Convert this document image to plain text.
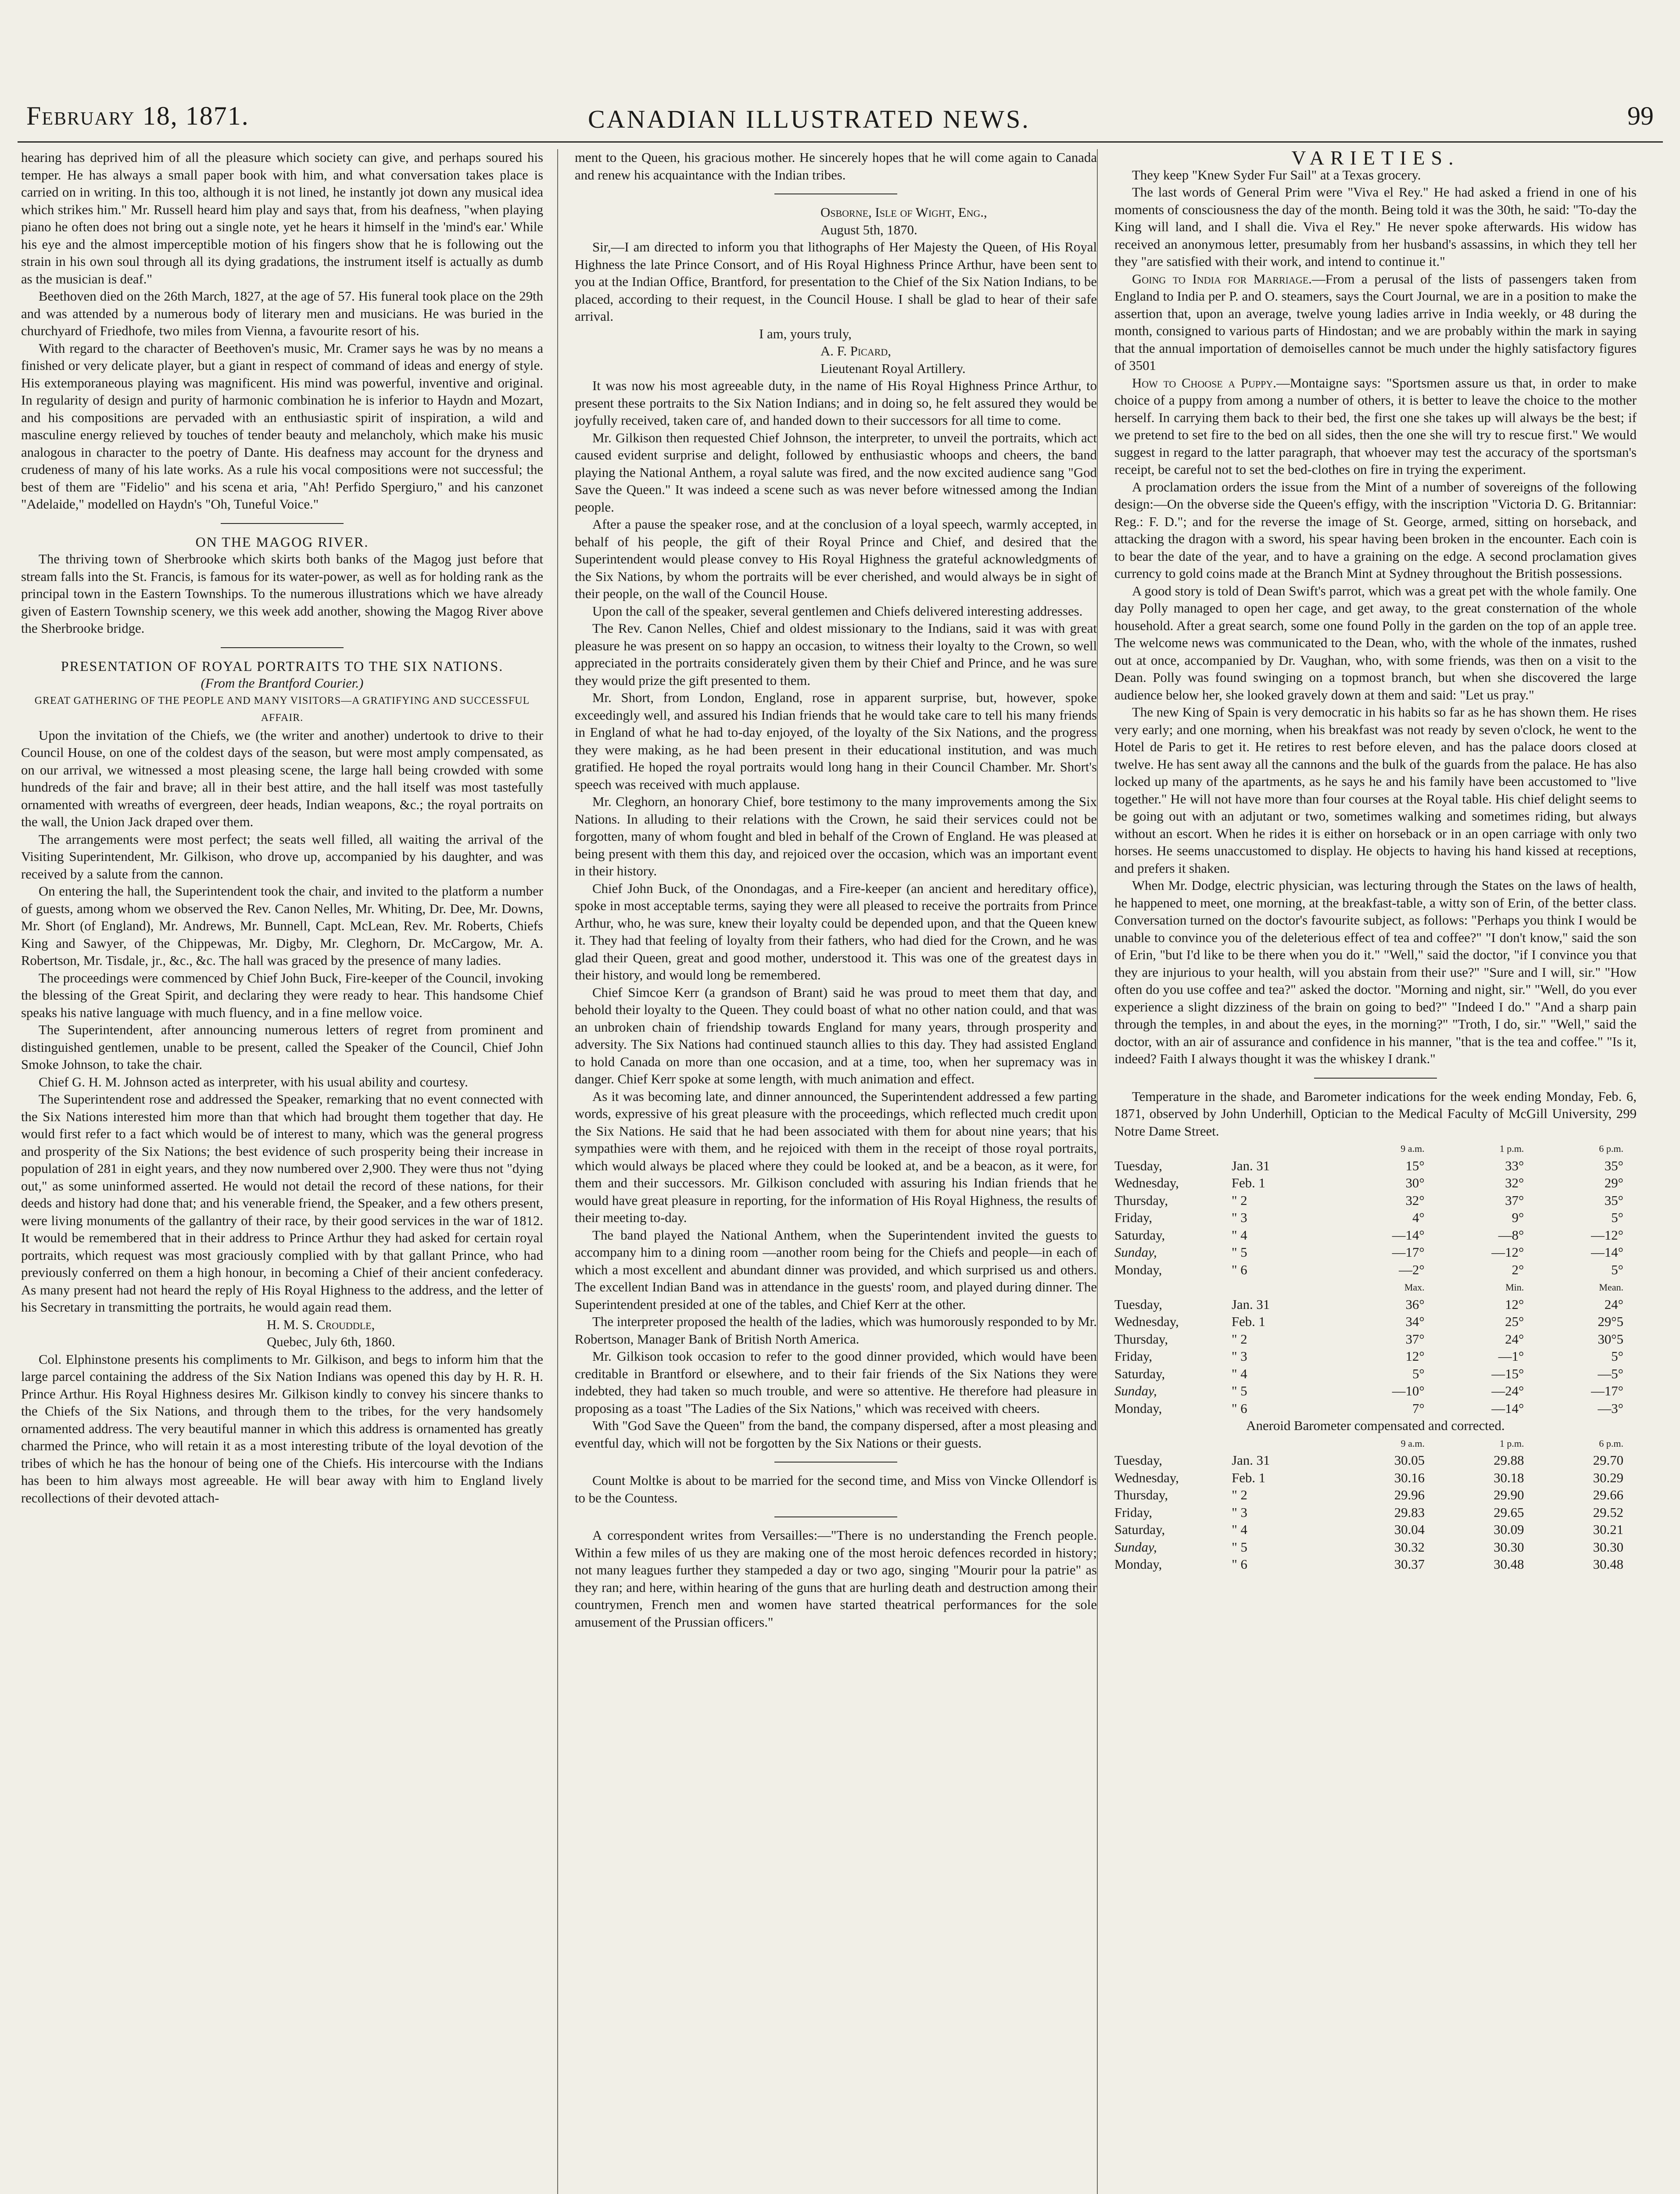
February 18, 1871.	CANADIAN ILLUSTRATED NEWS.	99

hearing has deprived him of all the pleasure which society can give, and perhaps soured his temper. He has always a small paper book with him, and what conversation takes place is carried on in writing. In this too, although it is not lined, he instantly jot down any musical idea which strikes him." Mr. Russell heard him play and says that, from his deafness, "when playing piano he often does not bring out a single note, yet he hears it himself in the 'mind's ear.' While his eye and the almost imperceptible motion of his fingers show that he is following out the strain in his own soul through all its dying gradations, the instrument itself is actually as dumb as the musician is deaf."

Beethoven died on the 26th March, 1827, at the age of 57. His funeral took place on the 29th and was attended by a numerous body of literary men and musicians. He was buried in the churchyard of Friedhofe, two miles from Vienna, a favourite resort of his.

With regard to the character of Beethoven's music, Mr. Cramer says he was by no means a finished or very delicate player, but a giant in respect of command of ideas and energy of style. His extemporaneous playing was magnificent. His mind was powerful, inventive and original. In regularity of design and purity of harmonic combination he is inferior to Haydn and Mozart, and his compositions are pervaded with an enthusiastic spirit of inspiration, a wild and masculine energy relieved by touches of tender beauty and melancholy, which make his music analogous in character to the poetry of Dante. His deafness may account for the dryness and crudeness of many of his late works. As a rule his vocal compositions were not successful; the best of them are "Fidelio" and his scena et aria, "Ah! Perfido Spergiuro," and his canzonet "Adelaide," modelled on Haydn's "Oh, Tuneful Voice."

ON THE MAGOG RIVER.

The thriving town of Sherbrooke which skirts both banks of the Magog just before that stream falls into the St. Francis, is famous for its water-power, as well as for holding rank as the principal town in the Eastern Townships. To the numerous illustrations which we have already given of Eastern Township scenery, we this week add another, showing the Magog River above the Sherbrooke bridge.

PRESENTATION OF ROYAL PORTRAITS TO THE SIX NATIONS.

(From the Brantford Courier.)

GREAT GATHERING OF THE PEOPLE AND MANY VISITORS—A GRATIFYING AND SUCCESSFUL AFFAIR.

Upon the invitation of the Chiefs, we (the writer and another) undertook to drive to their Council House, on one of the coldest days of the season, but were most amply compensated, as on our arrival, we witnessed a most pleasing scene, the large hall being crowded with some hundreds of the fair and brave; all in their best attire, and the hall itself was most tastefully ornamented with wreaths of evergreen, deer heads, Indian weapons, &c.; the royal portraits on the wall, the Union Jack draped over them.

The arrangements were most perfect; the seats well filled, all waiting the arrival of the Visiting Superintendent, Mr. Gilkison, who drove up, accompanied by his daughter, and was received by a salute from the cannon.

On entering the hall, the Superintendent took the chair, and invited to the platform a number of guests, among whom we observed the Rev. Canon Nelles, Mr. Whiting, Dr. Dee, Mr. Downs, Mr. Short (of England), Mr. Andrews, Mr. Bunnell, Capt. McLean, Rev. Mr. Roberts, Chiefs King and Sawyer, of the Chippewas, Mr. Digby, Mr. Cleghorn, Dr. McCargow, Mr. A. Robertson, Mr. Tisdale, jr., &c., &c. The hall was graced by the presence of many ladies.

The proceedings were commenced by Chief John Buck, Fire-keeper of the Council, invoking the blessing of the Great Spirit, and declaring they were ready to hear. This handsome Chief speaks his native language with much fluency, and in a fine mellow voice.

The Superintendent, after announcing numerous letters of regret from prominent and distinguished gentlemen, unable to be present, called the Speaker of the Council, Chief John Smoke Johnson, to take the chair.

Chief G. H. M. Johnson acted as interpreter, with his usual ability and courtesy.

The Superintendent rose and addressed the Speaker, remarking that no event connected with the Six Nations interested him more than that which had brought them together that day. He would first refer to a fact which would be of interest to many, which was the general progress and prosperity of the Six Nations; the best evidence of such prosperity being their increase in population of 281 in eight years, and they now numbered over 2,900. They were thus not "dying out," as some uninformed asserted. He would not detail the record of these nations, for their deeds and history had done that; and his venerable friend, the Speaker, and a few others present, were living monuments of the gallantry of their race, by their good services in the war of 1812. It would be remembered that in their address to Prince Arthur they had asked for certain royal portraits, which request was most graciously complied with by that gallant Prince, who had previously conferred on them a high honour, in becoming a Chief of their ancient confederacy. As many present had not heard the reply of His Royal Highness to the address, and the letter of his Secretary in transmitting the portraits, he would again read them.

H. M. S. Crouddle,

Quebec, July 6th, 1860.

Col. Elphinstone presents his compliments to Mr. Gilkison, and begs to inform him that the large parcel containing the address of the Six Nation Indians was opened this day by H. R. H. Prince Arthur. His Royal Highness desires Mr. Gilkison kindly to convey his sincere thanks to the Chiefs of the Six Nations, and through them to the tribes, for the very handsomely ornamented address. The very beautiful manner in which this address is ornamented has greatly charmed the Prince, who will retain it as a most interesting tribute of the loyal devotion of the tribes of which he has the honour of being one of the Chiefs. His intercourse with the Indians has been to him always most agreeable. He will bear away with him to England lively recollections of their devoted attach-

ment to the Queen, his gracious mother. He sincerely hopes that he will come again to Canada and renew his acquaintance with the Indian tribes.

Osborne, Isle of Wight, Eng.,

August 5th, 1870.

Sir,—I am directed to inform you that lithographs of Her Majesty the Queen, of His Royal Highness the late Prince Consort, and of His Royal Highness Prince Arthur, have been sent to you at the Indian Office, Brantford, for presentation to the Chief of the Six Nation Indians, to be placed, according to their request, in the Council House. I shall be glad to hear of their safe arrival.

I am, yours truly,

A. F. Picard,

Lieutenant Royal Artillery.

It was now his most agreeable duty, in the name of His Royal Highness Prince Arthur, to present these portraits to the Six Nation Indians; and in doing so, he felt assured they would be joyfully received, taken care of, and handed down to their successors for all time to come.

Mr. Gilkison then requested Chief Johnson, the interpreter, to unveil the portraits, which act caused evident surprise and delight, followed by enthusiastic whoops and cheers, the band playing the National Anthem, a royal salute was fired, and the now excited audience sang "God Save the Queen." It was indeed a scene such as was never before witnessed among the Indian people.

After a pause the speaker rose, and at the conclusion of a loyal speech, warmly accepted, in behalf of his people, the gift of their Royal Prince and Chief, and desired that the Superintendent would please convey to His Royal Highness the grateful acknowledgments of the Six Nations, by whom the portraits will be ever cherished, and would always be in sight of their people, on the wall of the Council House.

Upon the call of the speaker, several gentlemen and Chiefs delivered interesting addresses.

The Rev. Canon Nelles, Chief and oldest missionary to the Indians, said it was with great pleasure he was present on so happy an occasion, to witness their loyalty to the Crown, so well appreciated in the portraits considerately given them by their Chief and Prince, and he was sure they would prize the gift presented to them.

Mr. Short, from London, England, rose in apparent surprise, but, however, spoke exceedingly well, and assured his Indian friends that he would take care to tell his many friends in England of what he had to-day enjoyed, of the loyalty of the Six Nations, and the progress they were making, as he had been present in their educational institution, and was much gratified. He hoped the royal portraits would long hang in their Council Chamber. Mr. Short's speech was received with much applause.

Mr. Cleghorn, an honorary Chief, bore testimony to the many improvements among the Six Nations. In alluding to their relations with the Crown, he said their services could not be forgotten, many of whom fought and bled in behalf of the Crown of England. He was pleased at being present with them this day, and rejoiced over the occasion, which was an important event in their history.

Chief John Buck, of the Onondagas, and a Fire-keeper (an ancient and hereditary office), spoke in most acceptable terms, saying they were all pleased to receive the portraits from Prince Arthur, who, he was sure, knew their loyalty could be depended upon, and that the Queen knew it. They had that feeling of loyalty from their fathers, who had died for the Crown, and he was glad their Queen, great and good mother, understood it. This was one of the greatest days in their history, and would long be remembered.

Chief Simcoe Kerr (a grandson of Brant) said he was proud to meet them that day, and behold their loyalty to the Queen. They could boast of what no other nation could, and that was an unbroken chain of friendship towards England for many years, through prosperity and adversity. The Six Nations had continued staunch allies to this day. They had assisted England to hold Canada on more than one occasion, and at a time, too, when her supremacy was in danger. Chief Kerr spoke at some length, with much animation and effect.

As it was becoming late, and dinner announced, the Superintendent addressed a few parting words, expressive of his great pleasure with the proceedings, which reflected much credit upon the Six Nations. He said that he had been associated with them for about nine years; that his sympathies were with them, and he rejoiced with them in the receipt of those royal portraits, which would always be placed where they could be looked at, and be a beacon, as it were, for them and their successors. Mr. Gilkison concluded with assuring his Indian friends that he would have great pleasure in reporting, for the information of His Royal Highness, the results of their meeting to-day.

The band played the National Anthem, when the Superintendent invited the guests to accompany him to a dining room —another room being for the Chiefs and people—in each of which a most excellent and abundant dinner was provided, and which surprised us and others. The excellent Indian Band was in attendance in the guests' room, and played during dinner. The Superintendent presided at one of the tables, and Chief Kerr at the other.

The interpreter proposed the health of the ladies, which was humorously responded to by Mr. Robertson, Manager Bank of British North America.

Mr. Gilkison took occasion to refer to the good dinner provided, which would have been creditable in Brantford or elsewhere, and to their fair friends of the Six Nations they were indebted, they had taken so much trouble, and were so attentive. He therefore had pleasure in proposing as a toast "The Ladies of the Six Nations," which was received with cheers.

With "God Save the Queen" from the band, the company dispersed, after a most pleasing and eventful day, which will not be forgotten by the Six Nations or their guests.

Count Moltke is about to be married for the second time, and Miss von Vincke Ollendorf is to be the Countess.

A correspondent writes from Versailles:—"There is no understanding the French people. Within a few miles of us they are making one of the most heroic defences recorded in history; not many leagues further they stampeded a day or two ago, singing "Mourir pour la patrie" as they ran; and here, within hearing of the guns that are hurling death and destruction among their countrymen, French men and women have started theatrical performances for the sole amusement of the Prussian officers."

VARIETIES.

They keep "Knew Syder Fur Sail" at a Texas grocery.

The last words of General Prim were "Viva el Rey." He had asked a friend in one of his moments of consciousness the day of the month. Being told it was the 30th, he said: "To-day the King will land, and I shall die. Viva el Rey." He never spoke afterwards. His widow has received an anonymous letter, presumably from her husband's assassins, in which they tell her they "are satisfied with their work, and intend to continue it."

Going to India for Marriage.—From a perusal of the lists of passengers taken from England to India per P. and O. steamers, says the Court Journal, we are in a position to make the assertion that, upon an average, twelve young ladies arrive in India weekly, or 48 during the month, consigned to various parts of Hindostan; and we are probably within the mark in saying that the annual importation of demoiselles cannot be much under the highly satisfactory figures of 3501

How to Choose a Puppy.—Montaigne says: "Sportsmen assure us that, in order to make choice of a puppy from among a number of others, it is better to leave the choice to the mother herself. In carrying them back to their bed, the first one she takes up will always be the best; if we pretend to set fire to the bed on all sides, then the one she will try to rescue first." We would suggest in regard to the latter paragraph, that whoever may test the accuracy of the sportsman's receipt, be careful not to set the bed-clothes on fire in trying the experiment.

A proclamation orders the issue from the Mint of a number of sovereigns of the following design:—On the obverse side the Queen's effigy, with the inscription "Victoria D. G. Britanniar: Reg.: F. D."; and for the reverse the image of St. George, armed, sitting on horseback, and attacking the dragon with a sword, his spear having been broken in the encounter. Each coin is to bear the date of the year, and to have a graining on the edge. A second proclamation gives currency to gold coins made at the Branch Mint at Sydney throughout the British possessions.

A good story is told of Dean Swift's parrot, which was a great pet with the whole family. One day Polly managed to open her cage, and get away, to the great consternation of the whole household. After a great search, some one found Polly in the garden on the top of an apple tree. The welcome news was communicated to the Dean, who, with the whole of the inmates, rushed out at once, accompanied by Dr. Vaughan, who, with some friends, was then on a visit to the Dean. Polly was found swinging on a topmost branch, but when she discovered the large audience below her, she looked gravely down at them and said: "Let us pray."

The new King of Spain is very democratic in his habits so far as he has shown them. He rises very early; and one morning, when his breakfast was not ready by seven o'clock, he went to the Hotel de Paris to get it. He retires to rest before eleven, and has the palace doors closed at twelve. He has sent away all the cannons and the bulk of the guards from the palace. He has also locked up many of the apartments, as he says he and his family have been accustomed to "live together." He will not have more than four courses at the Royal table. His chief delight seems to be going out with an adjutant or two, sometimes walking and sometimes riding, but always without an escort. When he rides it is either on horseback or in an open carriage with only two horses. He seems unaccustomed to display. He objects to having his hand kissed at receptions, and prefers it shaken.

When Mr. Dodge, electric physician, was lecturing through the States on the laws of health, he happened to meet, one morning, at the breakfast-table, a witty son of Erin, of the better class. Conversation turned on the doctor's favourite subject, as follows: "Perhaps you think I would be unable to convince you of the deleterious effect of tea and coffee?" "I don't know," said the son of Erin, "but I'd like to be there when you do it." "Well," said the doctor, "if I convince you that they are injurious to your health, will you abstain from their use?" "Sure and I will, sir." "How often do you use coffee and tea?" asked the doctor. "Morning and night, sir." "Well, do you ever experience a slight dizziness of the brain on going to bed?" "Indeed I do." "And a sharp pain through the temples, in and about the eyes, in the morning?" "Troth, I do, sir." "Well," said the doctor, with an air of assurance and confidence in his manner, "that is the tea and coffee." "Is it, indeed? Faith I always thought it was the whiskey I drank."

Temperature in the shade, and Barometer indications for the week ending Monday, Feb. 6, 1871, observed by John Underhill, Optician to the Medical Faculty of McGill University, 299 Notre Dame Street.

		9 a.m.	1 p.m.	6 p.m.
Tuesday,	Jan. 31	15°	33°	35°
Wednesday,	Feb. 1	30°	32°	29°
Thursday,	" 2	32°	37°	35°
Friday,	" 3	4°	9°	5°
Saturday,	" 4	—14°	—8°	—12°
Sunday,	" 5	—17°	—12°	—14°
Monday,	" 6	—2°	2°	5°
		Max.	Min.	Mean.
Tuesday,	Jan. 31	36°	12°	24°
Wednesday,	Feb. 1	34°	25°	29°5
Thursday,	" 2	37°	24°	30°5
Friday,	" 3	12°	—1°	5°
Saturday,	" 4	5°	—15°	—5°
Sunday,	" 5	—10°	—24°	—17°
Monday,	" 6	7°	—14°	—3°

Aneroid Barometer compensated and corrected.

		9 a.m.	1 p.m.	6 p.m.
Tuesday,	Jan. 31	30.05	29.88	29.70
Wednesday,	Feb. 1	30.16	30.18	30.29
Thursday,	" 2	29.96	29.90	29.66
Friday,	" 3	29.83	29.65	29.52
Saturday,	" 4	30.04	30.09	30.21
Sunday,	" 5	30.32	30.30	30.30
Monday,	" 6	30.37	30.48	30.48
